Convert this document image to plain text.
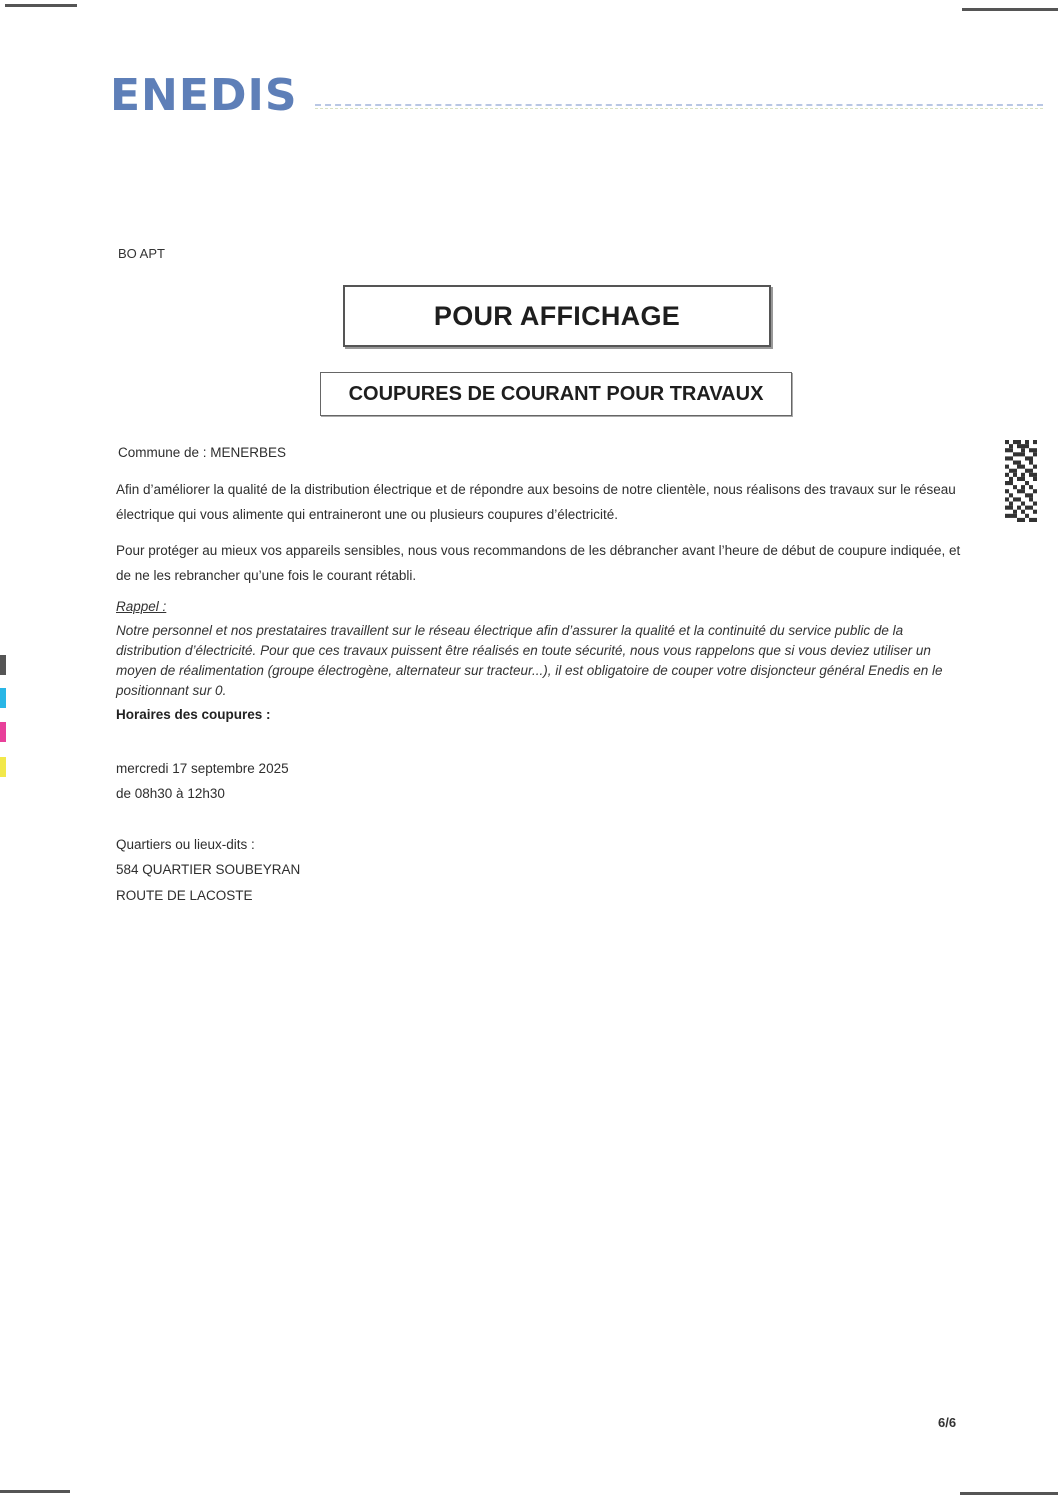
ENEDIS
BO APT
POUR AFFICHAGE
COUPURES DE COURANT POUR TRAVAUX
Commune de : MENERBES
Afin d’améliorer la qualité de la distribution électrique et de répondre aux besoins de notre clientèle, nous réalisons des travaux sur le réseau électrique qui vous alimente qui entraineront une ou plusieurs coupures d’électricité.
Pour protéger au mieux vos appareils sensibles, nous vous recommandons de les débrancher avant l’heure de début de coupure indiquée, et de ne les rebrancher qu’une fois le courant rétabli.
Rappel :
Notre personnel et nos prestataires travaillent sur le réseau électrique afin d’assurer la qualité et la continuité du service public de la distribution d’électricité. Pour que ces travaux puissent être réalisés en toute sécurité, nous vous rappelons que si vous deviez utiliser un moyen de réalimentation (groupe électrogène, alternateur sur tracteur...), il est obligatoire de couper votre disjoncteur général Enedis en le positionnant sur 0.
Horaires des coupures :
mercredi 17 septembre 2025
de 08h30 à 12h30
Quartiers ou lieux-dits :
584 QUARTIER SOUBEYRAN
ROUTE DE LACOSTE
6/6
